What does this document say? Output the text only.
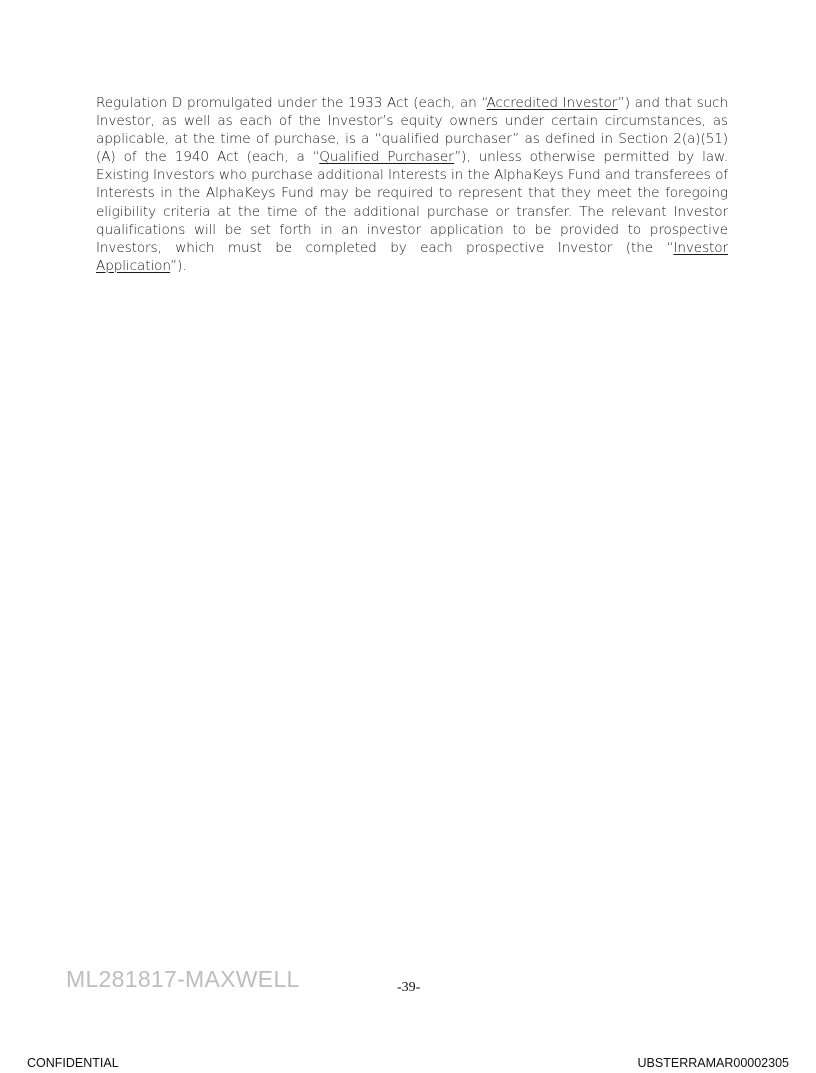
Regulation D promulgated under the 1933 Act (each, an “Accredited Investor”) and that such Investor, as well as each of the Investor’s equity owners under certain circumstances, as applicable, at the time of purchase, is a “qualified purchaser” as defined in Section 2(a)(51)(A) of the 1940 Act (each, a “Qualified Purchaser”), unless otherwise permitted by law. Existing Investors who purchase additional Interests in the AlphaKeys Fund and transferees of Interests in the AlphaKeys Fund may be required to represent that they meet the foregoing eligibility criteria at the time of the additional purchase or transfer. The relevant Investor qualifications will be set forth in an investor application to be provided to prospective Investors, which must be completed by each prospective Investor (the “Investor Application”).

ML281817-MAXWELL	-39-
CONFIDENTIAL	UBSTERRAMAR00002305
